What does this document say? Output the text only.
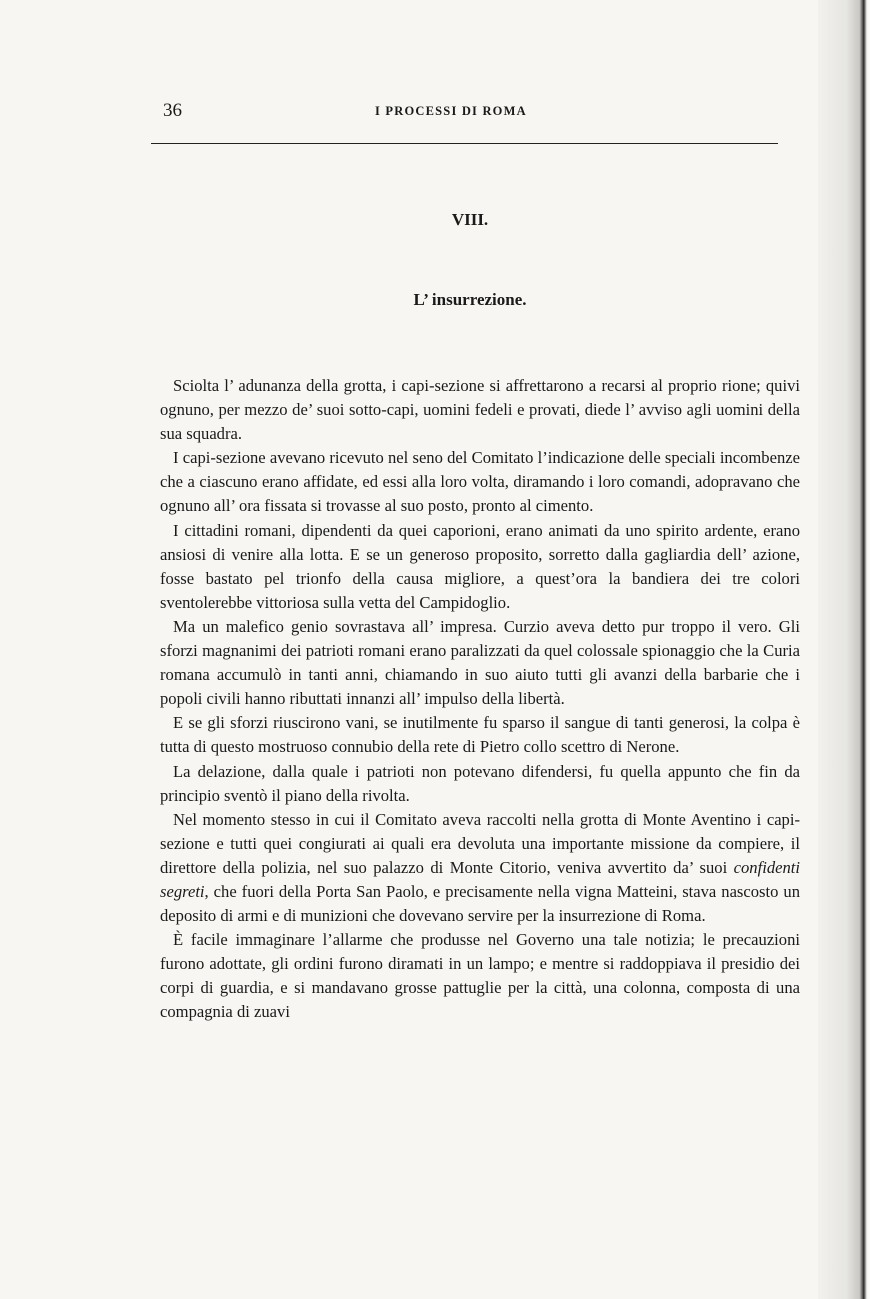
36	I PROCESSI DI ROMA
VIII.
L’ insurrezione.

Sciolta l’ adunanza della grotta, i capi-sezione si affrettarono a recarsi al proprio rione; quivi ognuno, per mezzo de’ suoi sotto-capi, uomini fedeli e provati, diede l’ avviso agli uomini della sua squadra.

I capi-sezione avevano ricevuto nel seno del Comitato l’indicazione delle speciali incombenze che a ciascuno erano affidate, ed essi alla loro volta, diramando i loro comandi, adopravano che ognuno all’ ora fissata si trovasse al suo posto, pronto al cimento.

I cittadini romani, dipendenti da quei caporioni, erano animati da uno spirito ardente, erano ansiosi di venire alla lotta. E se un generoso proposito, sorretto dalla gagliardia dell’ azione, fosse bastato pel trionfo della causa migliore, a quest’ora la bandiera dei tre colori sventolerebbe vittoriosa sulla vetta del Campidoglio.

Ma un malefico genio sovrastava all’ impresa. Curzio aveva detto pur troppo il vero. Gli sforzi magnanimi dei patrioti romani erano paralizzati da quel colossale spionaggio che la Curia romana accumulò in tanti anni, chiamando in suo aiuto tutti gli avanzi della barbarie che i popoli civili hanno ributtati innanzi all’ impulso della libertà.

E se gli sforzi riuscirono vani, se inutilmente fu sparso il sangue di tanti generosi, la colpa è tutta di questo mostruoso connubio della rete di Pietro collo scettro di Nerone.

La delazione, dalla quale i patrioti non potevano difendersi, fu quella appunto che fin da principio sventò il piano della rivolta.

Nel momento stesso in cui il Comitato aveva raccolti nella grotta di Monte Aventino i capi-sezione e tutti quei congiurati ai quali era devoluta una importante missione da compiere, il direttore della polizia, nel suo palazzo di Monte Citorio, veniva avvertito da’ suoi confidenti segreti, che fuori della Porta San Paolo, e precisamente nella vigna Matteini, stava nascosto un deposito di armi e di munizioni che dovevano servire per la insurrezione di Roma.

È facile immaginare l’allarme che produsse nel Governo una tale notizia; le precauzioni furono adottate, gli ordini furono diramati in un lampo; e mentre si raddoppiava il presidio dei corpi di guardia, e si mandavano grosse pattuglie per la città, una colonna, composta di una compagnia di zuavi
